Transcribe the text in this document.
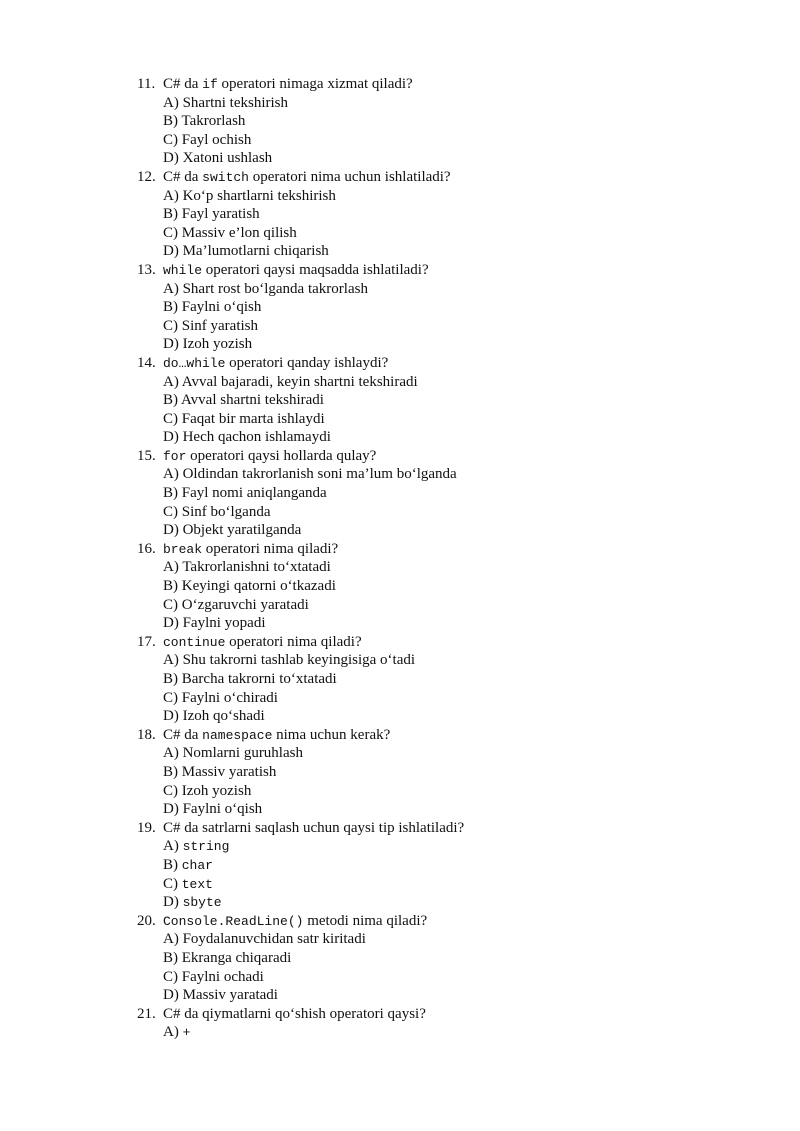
11. C# da if operatori nimaga xizmat qiladi?
A) Shartni tekshirish
B) Takrorlash
C) Fayl ochish
D) Xatoni ushlash
12. C# da switch operatori nima uchun ishlatiladi?
A) Ko‘p shartlarni tekshirish
B) Fayl yaratish
C) Massiv e’lon qilish
D) Ma’lumotlarni chiqarish
13. while operatori qaysi maqsadda ishlatiladi?
A) Shart rost bo‘lganda takrorlash
B) Faylni o‘qish
C) Sinf yaratish
D) Izoh yozish
14. do…while operatori qanday ishlaydi?
A) Avval bajaradi, keyin shartni tekshiradi
B) Avval shartni tekshiradi
C) Faqat bir marta ishlaydi
D) Hech qachon ishlamaydi
15. for operatori qaysi hollarda qulay?
A) Oldindan takrorlanish soni ma’lum bo‘lganda
B) Fayl nomi aniqlanganda
C) Sinf bo‘lganda
D) Objekt yaratilganda
16. break operatori nima qiladi?
A) Takrorlanishni to‘xtatadi
B) Keyingi qatorni o‘tkazadi
C) O‘zgaruvchi yaratadi
D) Faylni yopadi
17. continue operatori nima qiladi?
A) Shu takrorni tashlab keyingisiga o‘tadi
B) Barcha takrorni to‘xtatadi
C) Faylni o‘chiradi
D) Izoh qo‘shadi
18. C# da namespace nima uchun kerak?
A) Nomlarni guruhlash
B) Massiv yaratish
C) Izoh yozish
D) Faylni o‘qish
19. C# da satrlarni saqlash uchun qaysi tip ishlatiladi?
A) string
B) char
C) text
D) sbyte
20. Console.ReadLine() metodi nima qiladi?
A) Foydalanuvchidan satr kiritadi
B) Ekranga chiqaradi
C) Faylni ochadi
D) Massiv yaratadi
21. C# da qiymatlarni qo‘shish operatori qaysi?
A) +
